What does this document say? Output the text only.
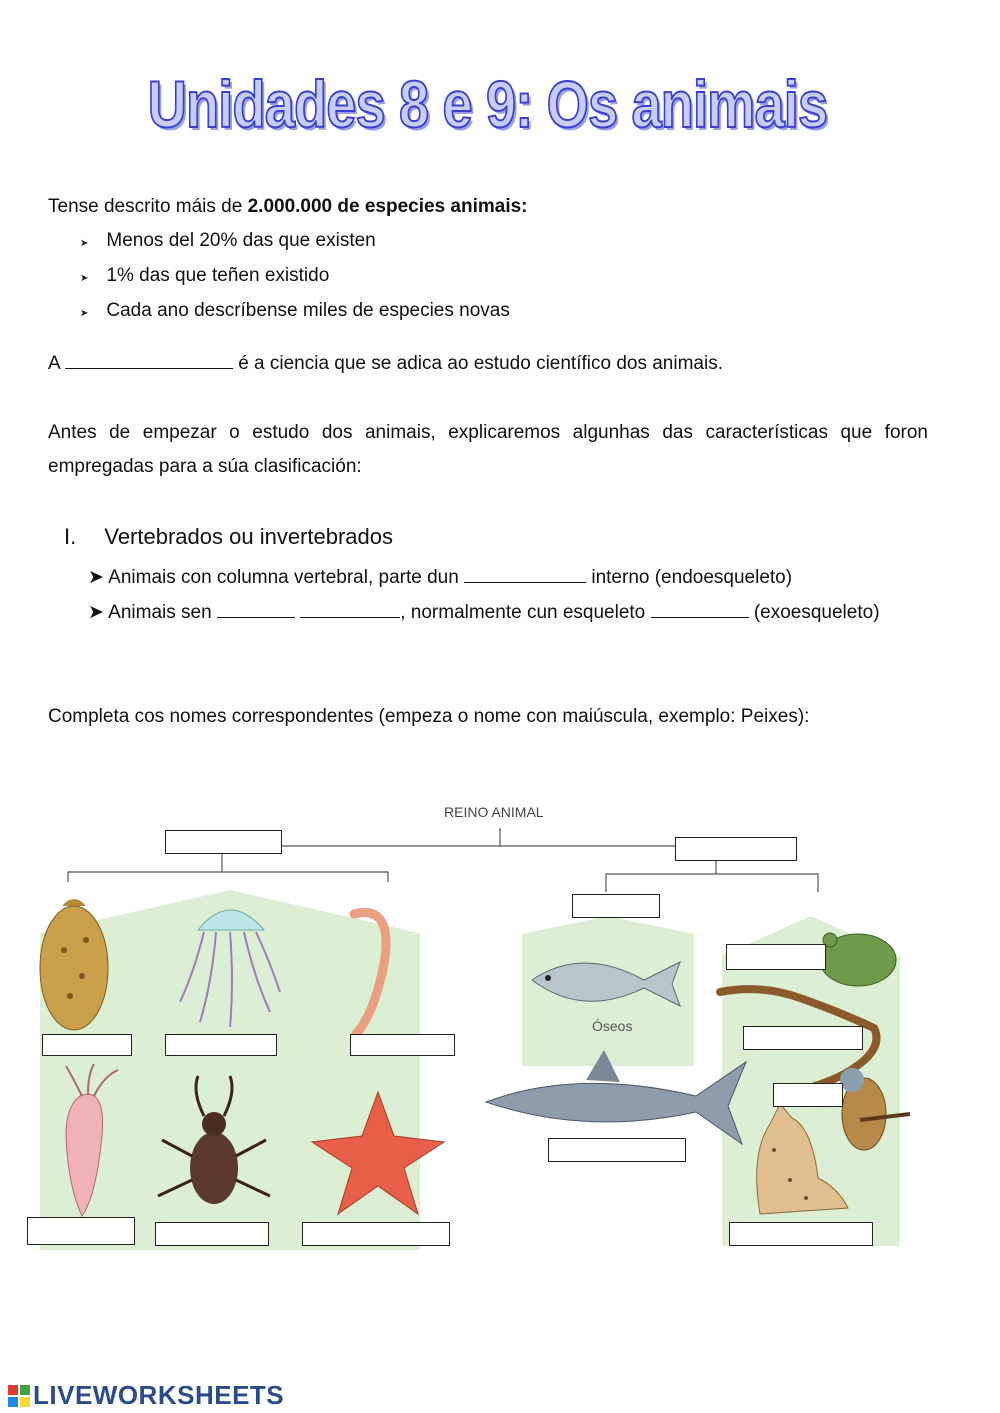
Unidades 8 e 9: Os animais
Tense descrito máis de 2.000.000 de especies animais:
➤ Menos del 20% das que existen
➤ 1% das que teñen existido
➤ Cada ano descríbense miles de especies novas
A	é a ciencia que se adica ao estudo científico dos animais.
Antes de empezar o estudo dos animais, explicaremos algunhas das características que foron empregadas para a súa clasificación:
I. Vertebrados ou invertebrados
➤ Animais con columna vertebral, parte dun	interno (endoesqueleto)
➤ Animais sen	, normalmente cun esqueleto	(exoesqueleto)
Completa cos nomes correspondentes (empeza o nome con maiúscula, exemplo: Peixes):
REINO ANIMAL
Óseos
LIVEWORKSHEETS
